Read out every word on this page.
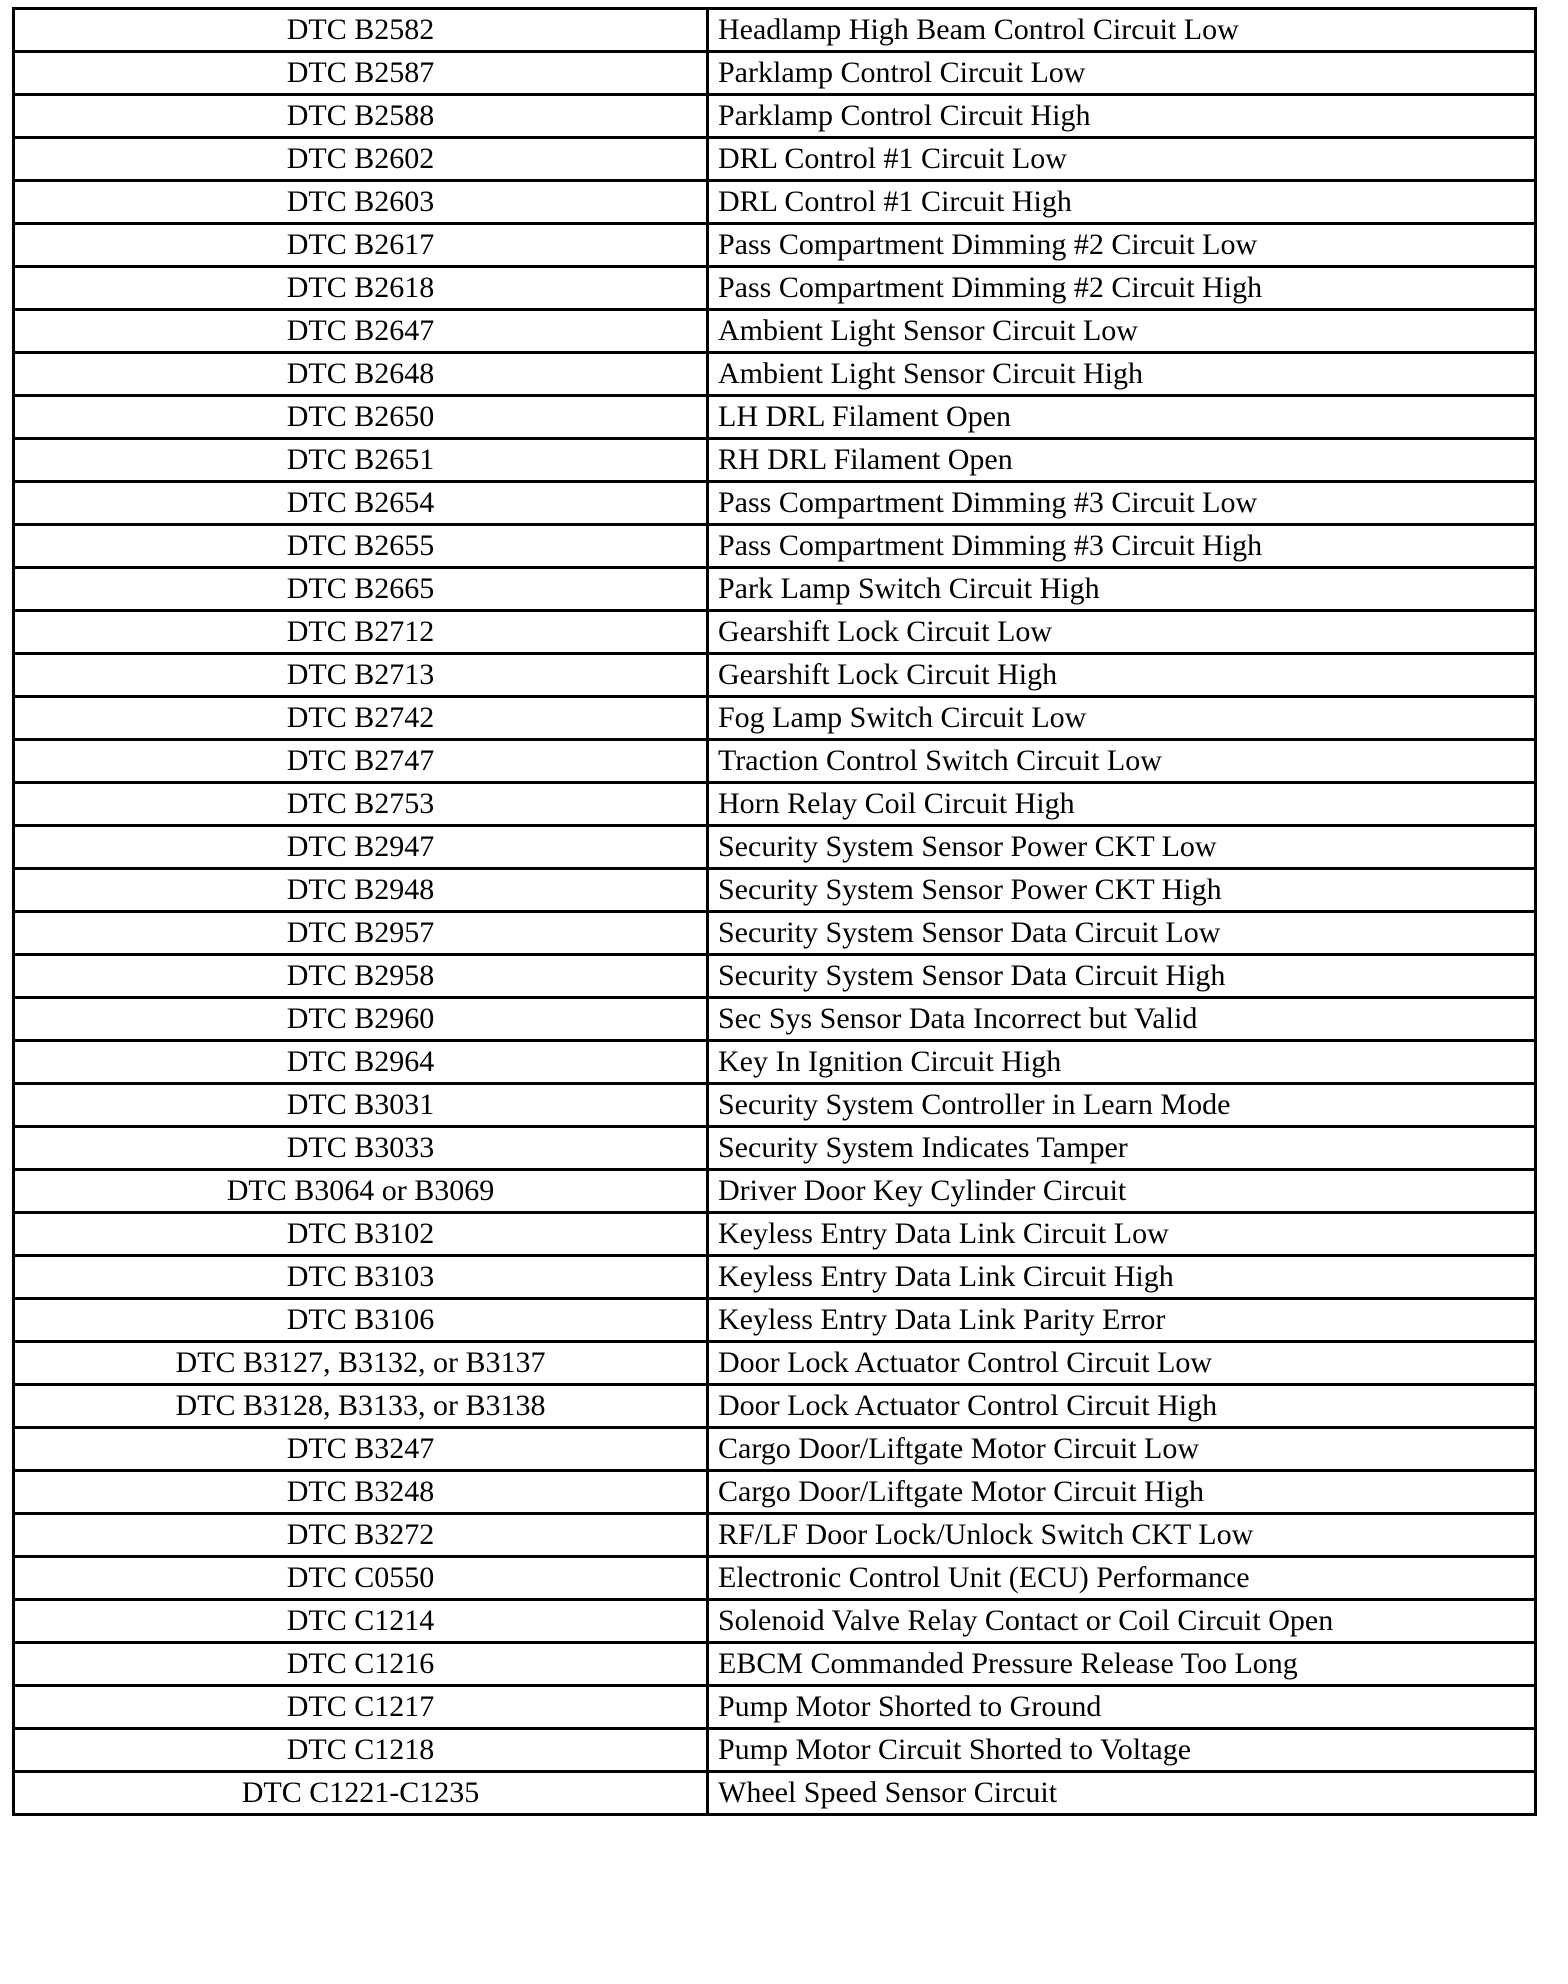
DTC B2582	Headlamp High Beam Control Circuit Low
DTC B2587	Parklamp Control Circuit Low
DTC B2588	Parklamp Control Circuit High
DTC B2602	DRL Control #1 Circuit Low
DTC B2603	DRL Control #1 Circuit High
DTC B2617	Pass Compartment Dimming #2 Circuit Low
DTC B2618	Pass Compartment Dimming #2 Circuit High
DTC B2647	Ambient Light Sensor Circuit Low
DTC B2648	Ambient Light Sensor Circuit High
DTC B2650	LH DRL Filament Open
DTC B2651	RH DRL Filament Open
DTC B2654	Pass Compartment Dimming #3 Circuit Low
DTC B2655	Pass Compartment Dimming #3 Circuit High
DTC B2665	Park Lamp Switch Circuit High
DTC B2712	Gearshift Lock Circuit Low
DTC B2713	Gearshift Lock Circuit High
DTC B2742	Fog Lamp Switch Circuit Low
DTC B2747	Traction Control Switch Circuit Low
DTC B2753	Horn Relay Coil Circuit High
DTC B2947	Security System Sensor Power CKT Low
DTC B2948	Security System Sensor Power CKT High
DTC B2957	Security System Sensor Data Circuit Low
DTC B2958	Security System Sensor Data Circuit High
DTC B2960	Sec Sys Sensor Data Incorrect but Valid
DTC B2964	Key In Ignition Circuit High
DTC B3031	Security System Controller in Learn Mode
DTC B3033	Security System Indicates Tamper
DTC B3064 or B3069	Driver Door Key Cylinder Circuit
DTC B3102	Keyless Entry Data Link Circuit Low
DTC B3103	Keyless Entry Data Link Circuit High
DTC B3106	Keyless Entry Data Link Parity Error
DTC B3127, B3132, or B3137	Door Lock Actuator Control Circuit Low
DTC B3128, B3133, or B3138	Door Lock Actuator Control Circuit High
DTC B3247	Cargo Door/Liftgate Motor Circuit Low
DTC B3248	Cargo Door/Liftgate Motor Circuit High
DTC B3272	RF/LF Door Lock/Unlock Switch CKT Low
DTC C0550	Electronic Control Unit (ECU) Performance
DTC C1214	Solenoid Valve Relay Contact or Coil Circuit Open
DTC C1216	EBCM Commanded Pressure Release Too Long
DTC C1217	Pump Motor Shorted to Ground
DTC C1218	Pump Motor Circuit Shorted to Voltage
DTC C1221-C1235	Wheel Speed Sensor Circuit
